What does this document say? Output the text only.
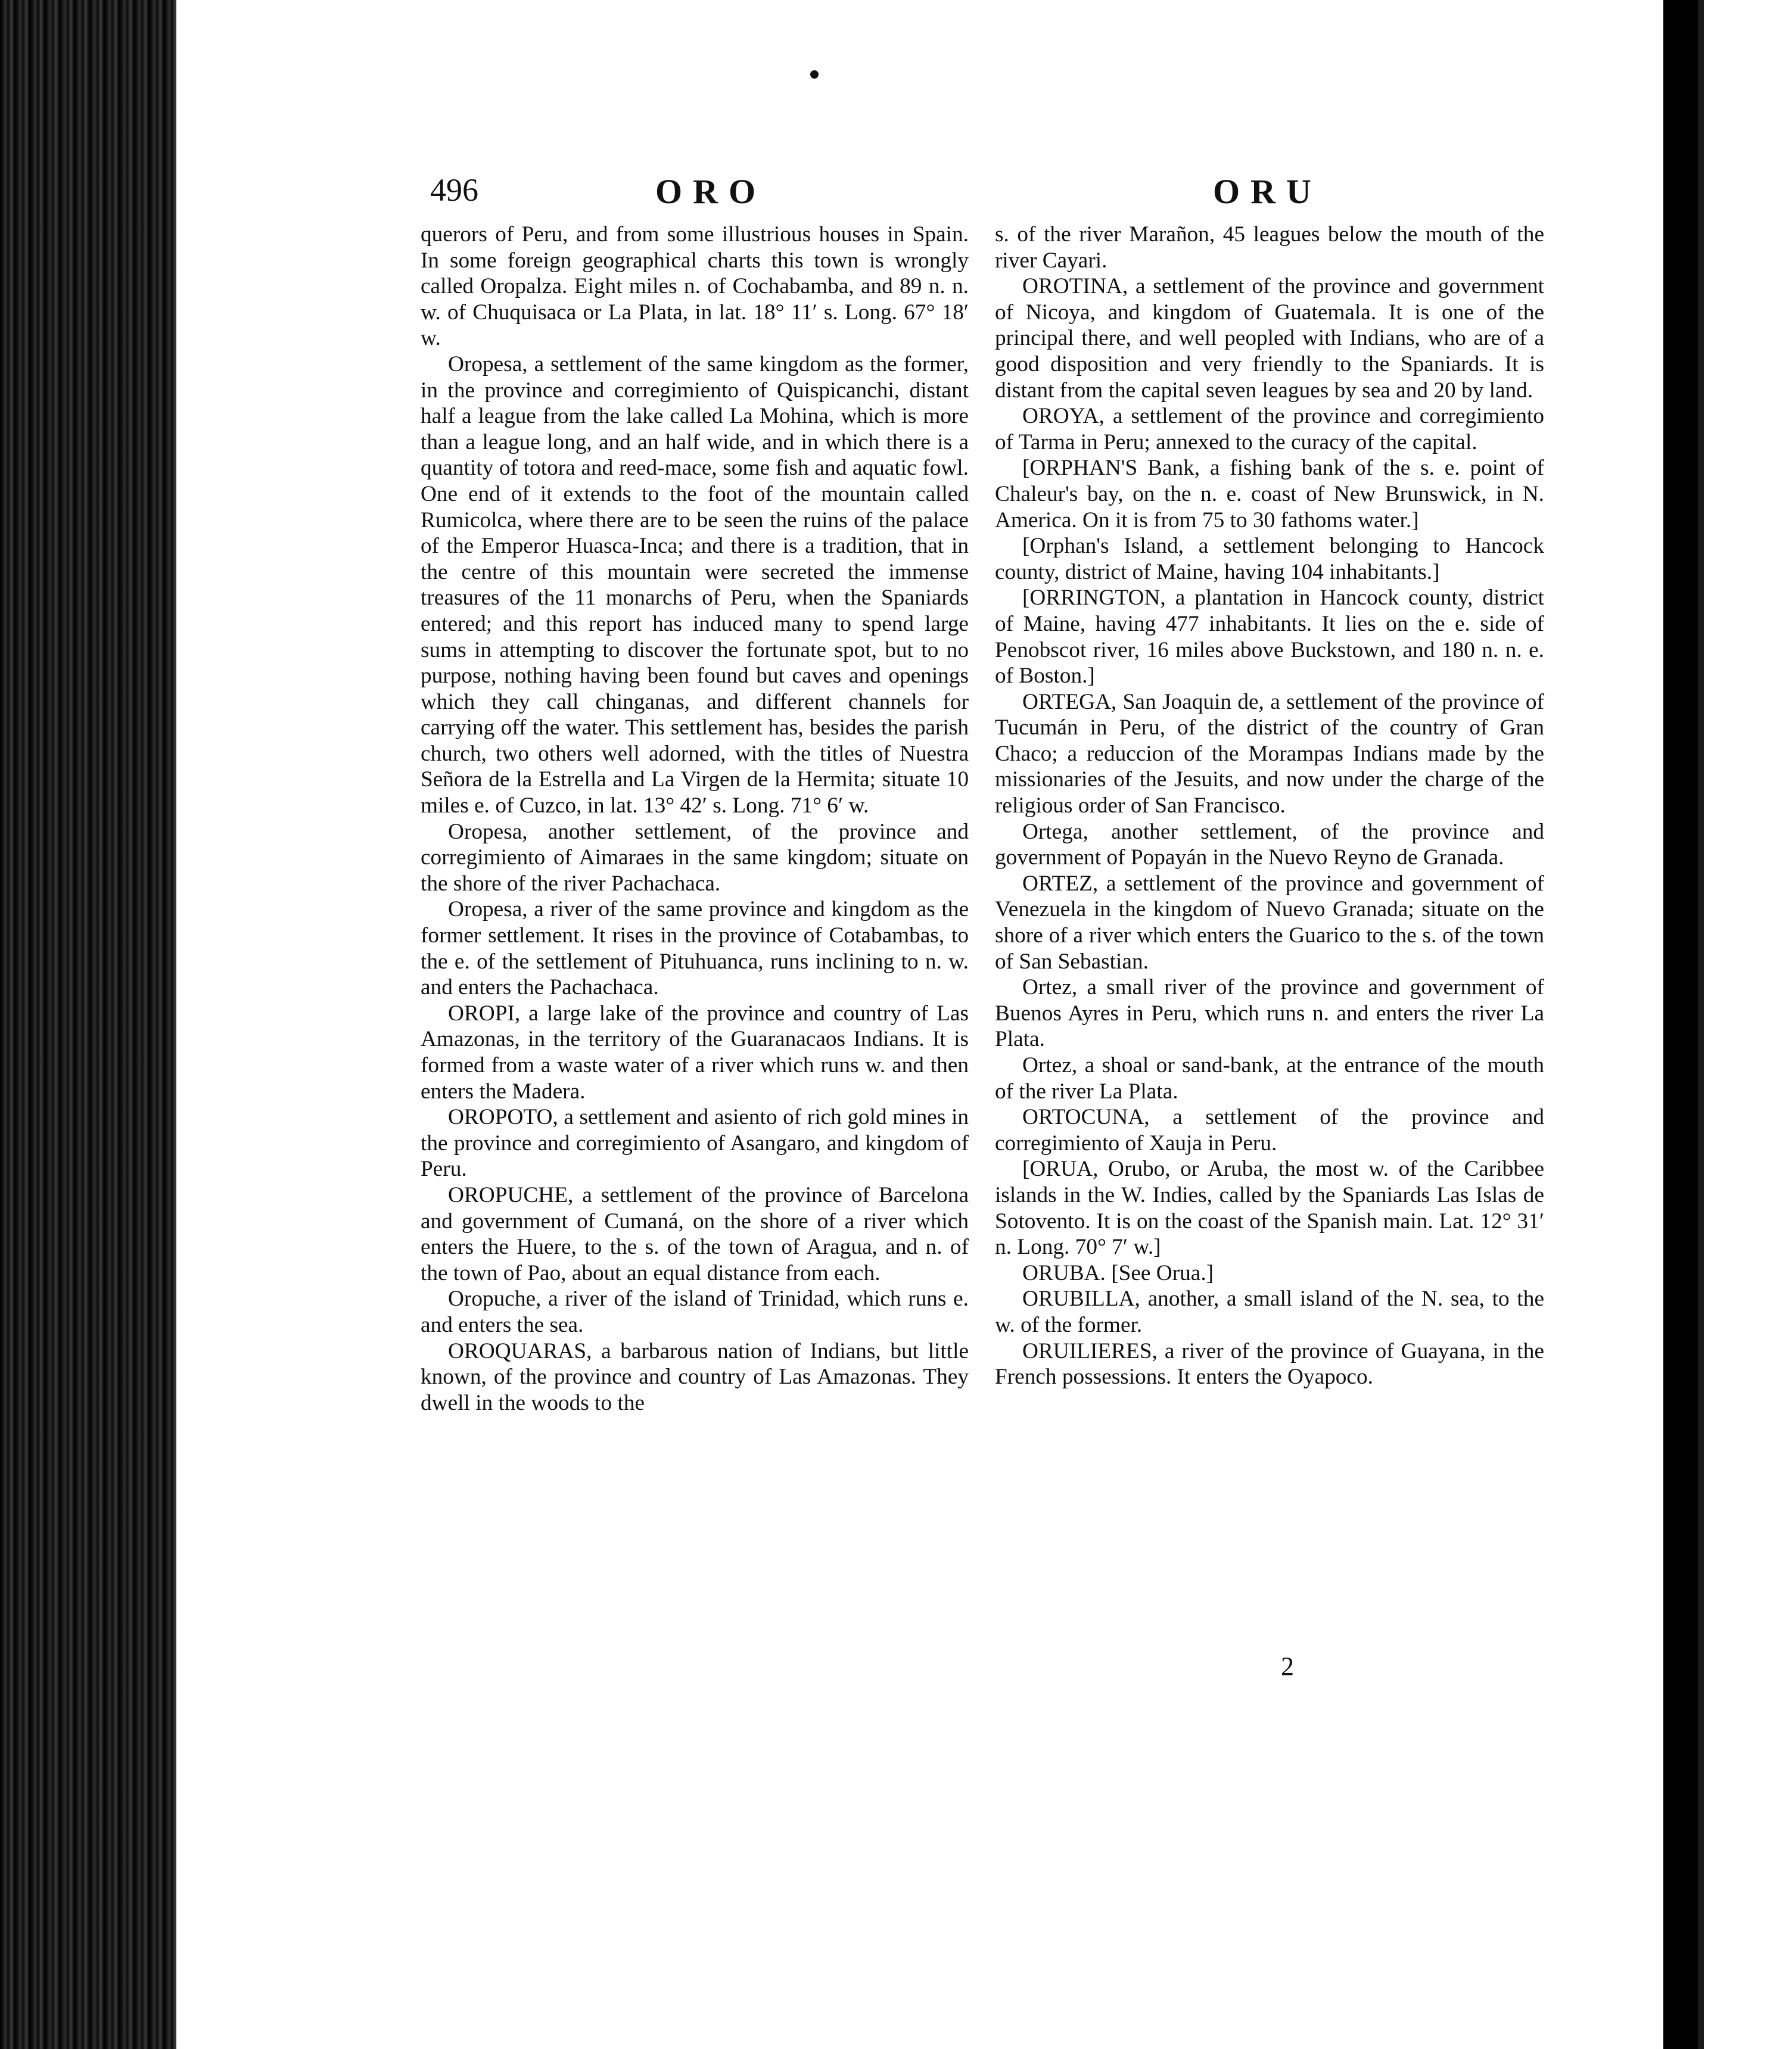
496	ORO	ORU

querors of Peru, and from some illustrious houses in Spain. In some foreign geographical charts this town is wrongly called Oropalza. Eight miles n. of Cochabamba, and 89 n. n. w. of Chuquisaca or La Plata, in lat. 18° 11′ s. Long. 67° 18′ w.

Oropesa, a settlement of the same kingdom as the former, in the province and corregimiento of Quispicanchi, distant half a league from the lake called La Mohina, which is more than a league long, and an half wide, and in which there is a quantity of totora and reed-mace, some fish and aquatic fowl. One end of it extends to the foot of the mountain called Rumicolca, where there are to be seen the ruins of the palace of the Emperor Huasca-Inca; and there is a tradition, that in the centre of this mountain were secreted the immense treasures of the 11 monarchs of Peru, when the Spaniards entered; and this report has induced many to spend large sums in attempting to discover the fortunate spot, but to no purpose, nothing having been found but caves and openings which they call chinganas, and different channels for carrying off the water. This settlement has, besides the parish church, two others well adorned, with the titles of Nuestra Señora de la Estrella and La Virgen de la Hermita; situate 10 miles e. of Cuzco, in lat. 13° 42′ s. Long. 71° 6′ w.

Oropesa, another settlement, of the province and corregimiento of Aimaraes in the same kingdom; situate on the shore of the river Pachachaca.

Oropesa, a river of the same province and kingdom as the former settlement. It rises in the province of Cotabambas, to the e. of the settlement of Pituhuanca, runs inclining to n. w. and enters the Pachachaca.

OROPI, a large lake of the province and country of Las Amazonas, in the territory of the Guaranacaos Indians. It is formed from a waste water of a river which runs w. and then enters the Madera.

OROPOTO, a settlement and asiento of rich gold mines in the province and corregimiento of Asangaro, and kingdom of Peru.

OROPUCHE, a settlement of the province of Barcelona and government of Cumaná, on the shore of a river which enters the Huere, to the s. of the town of Aragua, and n. of the town of Pao, about an equal distance from each.

Oropuche, a river of the island of Trinidad, which runs e. and enters the sea.

OROQUARAS, a barbarous nation of Indians, but little known, of the province and country of Las Amazonas. They dwell in the woods to the

s. of the river Marañon, 45 leagues below the mouth of the river Cayari.

OROTINA, a settlement of the province and government of Nicoya, and kingdom of Guatemala. It is one of the principal there, and well peopled with Indians, who are of a good disposition and very friendly to the Spaniards. It is distant from the capital seven leagues by sea and 20 by land.

OROYA, a settlement of the province and corregimiento of Tarma in Peru; annexed to the curacy of the capital.

[ORPHAN'S Bank, a fishing bank of the s. e. point of Chaleur's bay, on the n. e. coast of New Brunswick, in N. America. On it is from 75 to 30 fathoms water.]

[Orphan's Island, a settlement belonging to Hancock county, district of Maine, having 104 inhabitants.]

[ORRINGTON, a plantation in Hancock county, district of Maine, having 477 inhabitants. It lies on the e. side of Penobscot river, 16 miles above Buckstown, and 180 n. n. e. of Boston.]

ORTEGA, San Joaquin de, a settlement of the province of Tucumán in Peru, of the district of the country of Gran Chaco; a reduccion of the Morampas Indians made by the missionaries of the Jesuits, and now under the charge of the religious order of San Francisco.

Ortega, another settlement, of the province and government of Popayán in the Nuevo Reyno de Granada.

ORTEZ, a settlement of the province and government of Venezuela in the kingdom of Nuevo Granada; situate on the shore of a river which enters the Guarico to the s. of the town of San Sebastian.

Ortez, a small river of the province and government of Buenos Ayres in Peru, which runs n. and enters the river La Plata.

Ortez, a shoal or sand-bank, at the entrance of the mouth of the river La Plata.

ORTOCUNA, a settlement of the province and corregimiento of Xauja in Peru.

[ORUA, Orubo, or Aruba, the most w. of the Caribbee islands in the W. Indies, called by the Spaniards Las Islas de Sotovento. It is on the coast of the Spanish main. Lat. 12° 31′ n. Long. 70° 7′ w.]

ORUBA. [See Orua.]

ORUBILLA, another, a small island of the N. sea, to the w. of the former.

ORUILIERES, a river of the province of Guayana, in the French possessions. It enters the Oyapoco.

2
